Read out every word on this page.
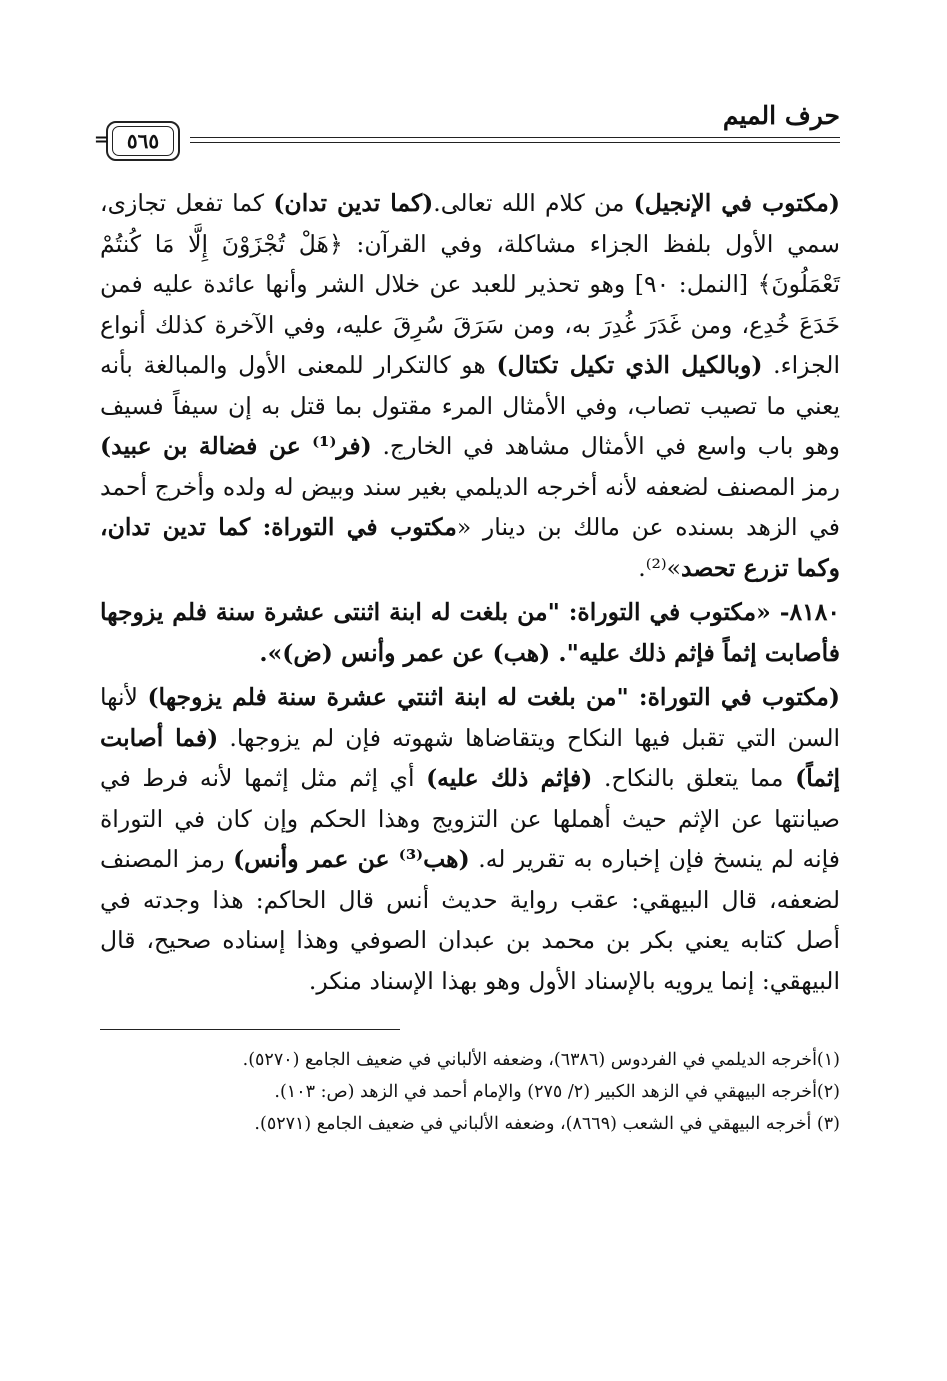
حرف الميم
٥٦٥
=

(مكتوب في الإنجيل) من كلام الله تعالى.(كما تدين تدان) كما تفعل تجازى، سمي الأول بلفظ الجزاء مشاكلة، وفي القرآن: ﴿هَلْ تُجْزَوْنَ إِلَّا مَا كُنتُمْ تَعْمَلُونَ﴾ [النمل: ٩٠] وهو تحذير للعبد عن خلال الشر وأنها عائدة عليه فمن خَدَعَ خُدِع، ومن غَدَرَ غُدِرَ به، ومن سَرَقَ سُرِقَ عليه، وفي الآخرة كذلك أنواع الجزاء. (وبالكيل الذي تكيل تكتال) هو كالتكرار للمعنى الأول والمبالغة بأنه يعني ما تصيب تصاب، وفي الأمثال المرء مقتول بما قتل به إن سيفاً فسيف وهو باب واسع في الأمثال مشاهد في الخارج. (فر⁽¹⁾ عن فضالة بن عبيد) رمز المصنف لضعفه لأنه أخرجه الديلمي بغير سند وبيض له ولده وأخرج أحمد في الزهد بسنده عن مالك بن دينار «مكتوب في التوراة: كما تدين تدان، وكما تزرع تحصد»⁽²⁾.

٨١٨٠- «مكتوب في التوراة: "من بلغت له ابنة اثنتى عشرة سنة فلم يزوجها فأصابت إثماً فإثم ذلك عليه". (هب) عن عمر وأنس (ض)».

(مكتوب في التوراة: "من بلغت له ابنة اثنتي عشرة سنة فلم يزوجها) لأنها السن التي تقبل فيها النكاح ويتقاضاها شهوته فإن لم يزوجها. (فما أصابت إثماً) مما يتعلق بالنكاح. (فإثم ذلك عليه) أي إثم مثل إثمها لأنه فرط في صيانتها عن الإثم حيث أهملها عن التزويج وهذا الحكم وإن كان في التوراة فإنه لم ينسخ فإن إخباره به تقرير له. (هب⁽³⁾ عن عمر وأنس) رمز المصنف لضعفه، قال البيهقي: عقب رواية حديث أنس قال الحاكم: هذا وجدته في أصل كتابه يعني بكر بن محمد بن عبدان الصوفي وهذا إسناده صحيح، قال البيهقي: إنما يرويه بالإسناد الأول وهو بهذا الإسناد منكر.

(١)أخرجه الديلمي في الفردوس (٦٣٨٦)، وضعفه الألباني في ضعيف الجامع (٥٢٧٠).

(٢)أخرجه البيهقي في الزهد الكبير (٢/ ٢٧٥) والإمام أحمد في الزهد (ص: ١٠٣).

(٣) أخرجه البيهقي في الشعب (٨٦٦٩)، وضعفه الألباني في ضعيف الجامع (٥٢٧١).
